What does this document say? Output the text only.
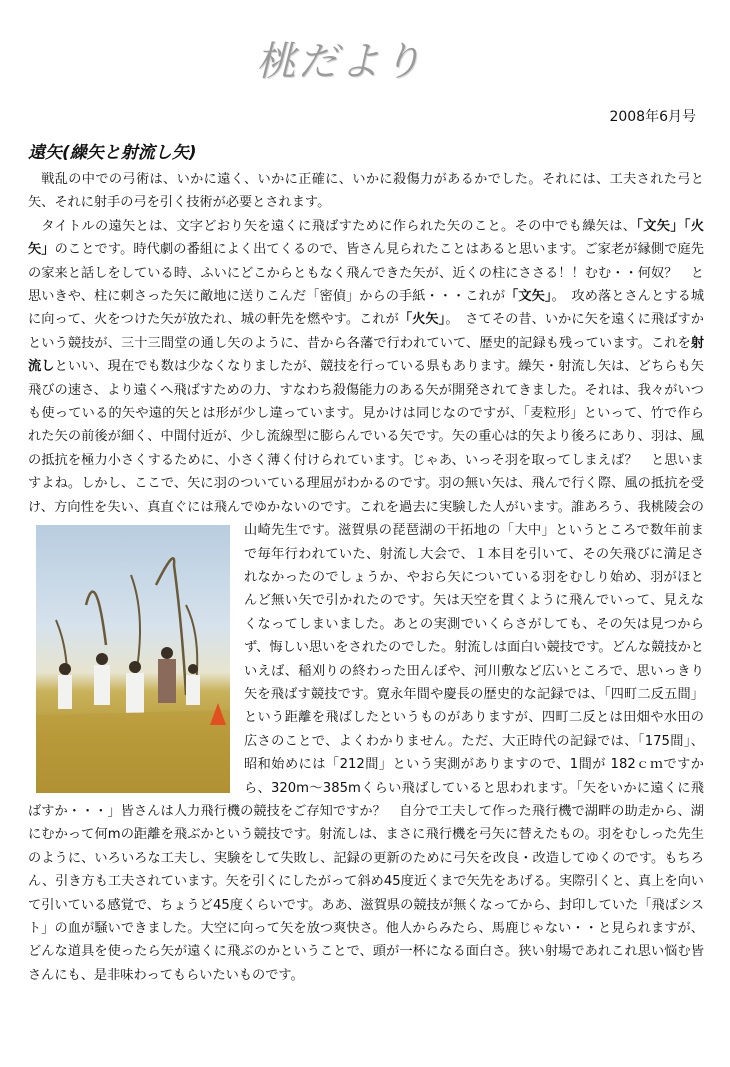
桃だより
2008年6月号
遠矢(繰矢と射流し矢)

戦乱の中での弓術は、いかに遠く、いかに正確に、いかに殺傷力があるかでした。それには、工夫された弓と矢、それに射手の弓を引く技術が必要とされます。

タイトルの遠矢とは、文字どおり矢を遠くに飛ばすために作られた矢のこと。その中でも繰矢は、「文矢」「火矢」のことです。時代劇の番組によく出てくるので、皆さん見られたことはあると思います。ご家老が縁側で庭先の家来と話しをしている時、ふいにどこからともなく飛んできた矢が、近くの柱にささる！！むむ・・何奴？　と思いきや、柱に刺さった矢に敵地に送りこんだ「密偵」からの手紙・・・これが「文矢」。　攻め落とさんとする城に向って、火をつけた矢が放たれ、城の軒先を燃やす。これが「火矢」。　さてその昔、いかに矢を遠くに飛ばすかという競技が、三十三間堂の通し矢のように、昔から各藩で行われていて、歴史的記録も残っています。これを射流しといい、現在でも数は少なくなりましたが、競技を行っている県もあります。繰矢・射流し矢は、どちらも矢飛びの速さ、より遠くへ飛ばすための力、すなわち殺傷能力のある矢が開発されてきました。それは、我々がいつも使っている的矢や遠的矢とは形が少し違っています。見かけは同じなのですが、「麦粒形」といって、竹で作られた矢の前後が細く、中間付近が、少し流線型に膨らんでいる矢です。矢の重心は的矢より後ろにあり、羽は、風の抵抗を極力小さくするために、小さく薄く付けられています。じゃあ、いっそ羽を取ってしまえば？　と思いますよね。しかし、ここで、矢に羽のついている理屈がわかるのです。羽の無い矢は、飛んで行く際、風の抵抗を受け、方向性を失い、真直ぐには飛んでゆかないのです。これを過去に実験した人がいます。誰あろう、我桃陵会の山崎先生です。
滋賀県の琵琶湖の干拓地の「大中」というところで数年前まで毎年行われていた、射流し大会で、１本目を引いて、その矢飛びに満足されなかったのでしょうか、やおら矢についている羽をむしり始め、羽がほとんど無い矢で引かれたのです。矢は天空を貫くように飛んでいって、見えなくなってしまいました。あとの実測でいくらさがしても、その矢は見つからず、悔しい思いをされたのでした。射流しは面白い競技です。どんな競技かといえば、稲刈りの終わった田んぼや、河川敷など広いところで、思いっきり矢を飛ばす競技です。寛永年間や慶長の歴史的な記録では、「四町二反五間」という距離を飛ばしたというものがありますが、四町二反とは田畑や水田の広さのことで、よくわかりません。ただ、大正時代の記録では、「175間」、昭和始めには「212間」という実測がありますので、1間が 182ｃｍですから、320m〜385mくらい飛ばしていると思われます。「矢をいかに遠くに飛ばすか・・・」皆さんは人力飛行機の競技をご存知ですか？　自分で工夫して作った飛行機で湖畔の助走から、湖にむかって何mの距離を飛ぶかという競技です。射流しは、まさに飛行機を弓矢に替えたもの。羽をむしった先生のように、いろいろな工夫し、実験をして失敗し、記録の更新のために弓矢を改良・改造してゆくのです。もちろん、引き方も工夫されています。矢を引くにしたがって斜め45度近くまで矢先をあげる。実際引くと、真上を向いて引いている感覚で、ちょうど45度くらいです。ああ、滋賀県の競技が無くなってから、封印していた「飛ばシスト」の血が騒いできました。大空に向って矢を放つ爽快さ。他人からみたら、馬鹿じゃない・・と見られますが、どんな道具を使ったら矢が遠くに飛ぶのかということで、頭が一杯になる面白さ。狭い射場であれこれ思い悩む皆さんにも、是非味わってもらいたいものです。
